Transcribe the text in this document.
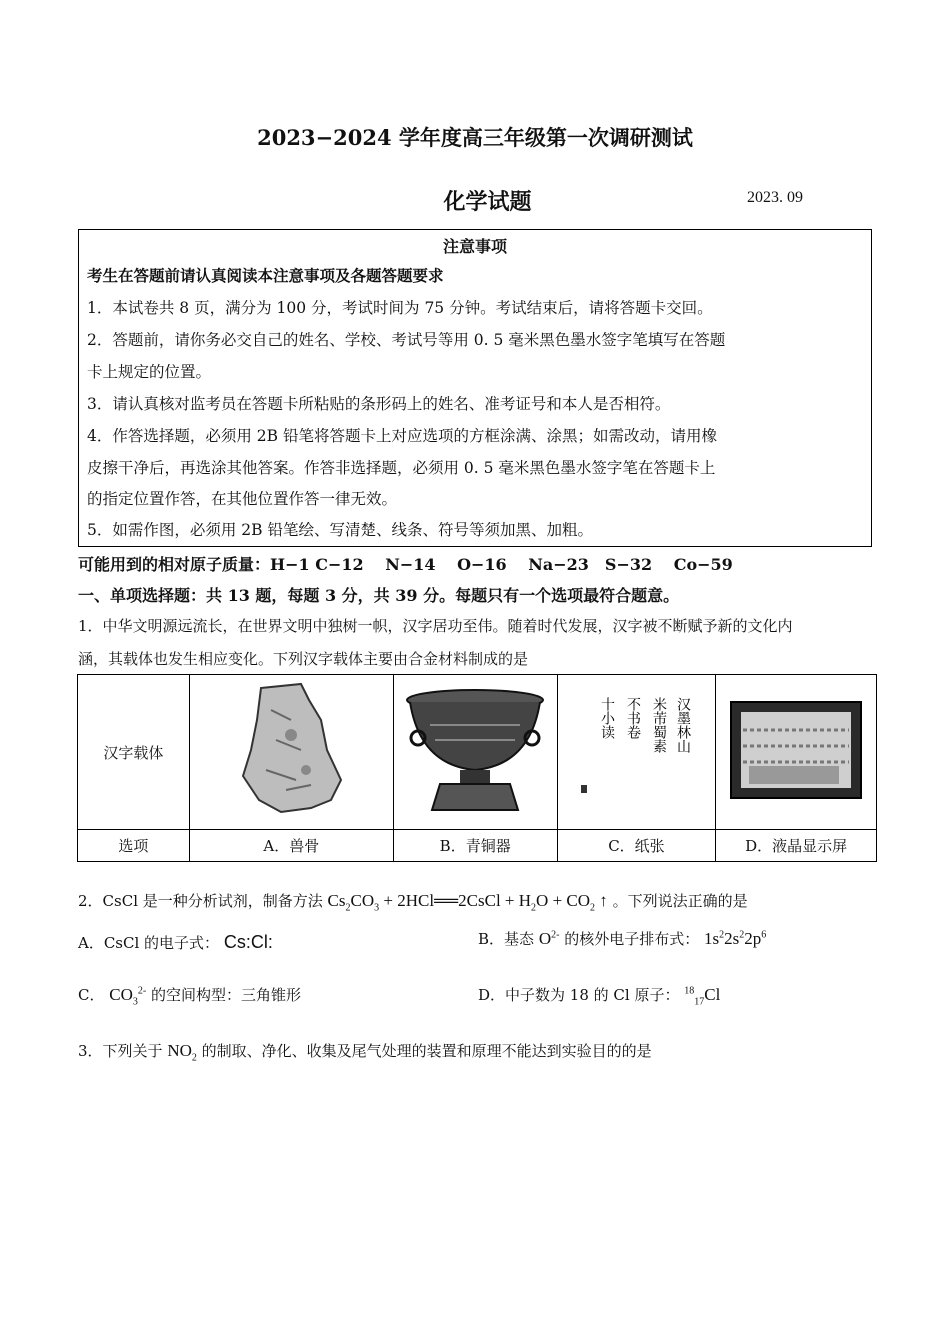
2023−2024 学年度高三年级第一次调研测试
化学试题	2023. 09
注意事项
考生在答题前请认真阅读本注意事项及各题答题要求
1．本试卷共 8 页，满分为 100 分，考试时间为 75 分钟。考试结束后，请将答题卡交回。
2．答题前，请你务必交自己的姓名、学校、考试号等用 0. 5 毫米黑色墨水签字笔填写在答题
卡上规定的位置。
3．请认真核对监考员在答题卡所粘贴的条形码上的姓名、准考证号和本人是否相符。
4．作答选择题，必须用 2B 铅笔将答题卡上对应选项的方框涂满、涂黑；如需改动，请用橡
皮擦干净后，再选涂其他答案。作答非选择题，必须用 0. 5 毫米黑色墨水签字笔在答题卡上
的指定位置作答，在其他位置作答一律无效。
5．如需作图，必须用 2B 铅笔绘、写清楚、线条、符号等须加黑、加粗。
可能用到的相对原子质量：H−1 C−12　 N−14　 O−16　 Na−23　S−32　 Co−59
一、单项选择题：共 13 题，每题 3 分，共 39 分。每题只有一个选项最符合题意。
1．中华文明源远流长，在世界文明中独树一帜，汉字居功至伟。随着时代发展，汉字被不断赋予新的文化内
涵，其载体也发生相应变化。下列汉字载体主要由合金材料制成的是
汉字载体			汉墨林山
米芾蜀素
不书卷
十小读

选项	A．兽骨	B．青铜器	C．纸张	D．液晶显示屏
2．CsCl 是一种分析试剂，制备方法 $Cs_2CO_3$ + 2HCl══2CsCl + $H_2O + CO_2$ ↑ 。下列说法正确的是
A．CsCl 的电子式： Cs:Cl:	B．基态 $O^{2-}$ 的核外电子排布式： $1s^22s^22p^6$
C． $CO_3^{2-}$ 的空间构型：三角锥形	D．中子数为 18 的 Cl 原子： $^{18}_{17}$Cl
3．下列关于 $NO_2$ 的制取、净化、收集及尾气处理的装置和原理不能达到实验目的的是
